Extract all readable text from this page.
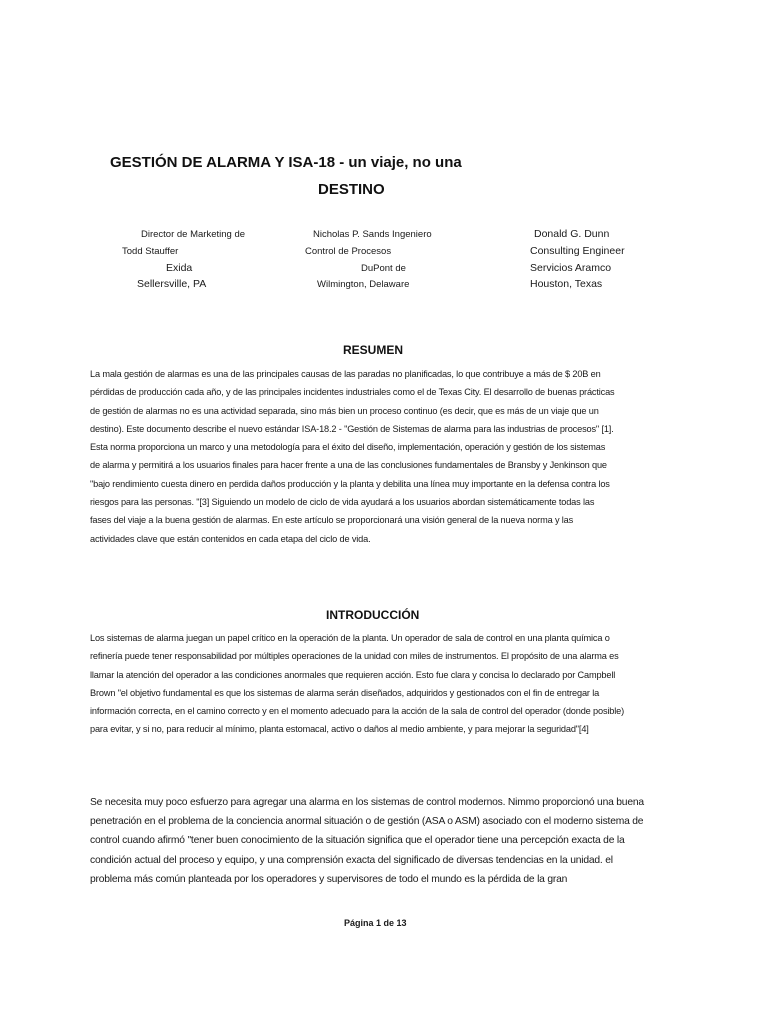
GESTIÓN DE ALARMA Y ISA-18 - un viaje, no una
DESTINO
Director de Marketing de
Todd Stauffer
Exida
Sellersville, PA
Nicholas P. Sands Ingeniero
Control de Procesos
DuPont de
Wilmington, Delaware
Donald G. Dunn
Consulting Engineer
Servicios Aramco
Houston, Texas
RESUMEN
La mala gestión de alarmas es una de las principales causas de las paradas no planificadas, lo que contribuye a más de $ 20B en
pérdidas de producción cada año, y de las principales incidentes industriales como el de Texas City. El desarrollo de buenas prácticas
de gestión de alarmas no es una actividad separada, sino más bien un proceso continuo (es decir, que es más de un viaje que un
destino). Este documento describe el nuevo estándar ISA-18.2 - "Gestión de Sistemas de alarma para las industrias de procesos" [1].
Esta norma proporciona un marco y una metodología para el éxito del diseño, implementación, operación y gestión de los sistemas
de alarma y permitirá a los usuarios finales para hacer frente a una de las conclusiones fundamentales de Bransby y Jenkinson que
"bajo rendimiento cuesta dinero en perdida daños producción y la planta y debilita una línea muy importante en la defensa contra los
riesgos para las personas. "[3] Siguiendo un modelo de ciclo de vida ayudará a los usuarios abordan sistemáticamente todas las
fases del viaje a la buena gestión de alarmas. En este artículo se proporcionará una visión general de la nueva norma y las
actividades clave que están contenidos en cada etapa del ciclo de vida.
INTRODUCCIÓN
Los sistemas de alarma juegan un papel crítico en la operación de la planta. Un operador de sala de control en una planta química o
refinería puede tener responsabilidad por múltiples operaciones de la unidad con miles de instrumentos. El propósito de una alarma es
llamar la atención del operador a las condiciones anormales que requieren acción. Esto fue clara y concisa lo declarado por Campbell
Brown "el objetivo fundamental es que los sistemas de alarma serán diseñados, adquiridos y gestionados con el fin de entregar la
información correcta, en el camino correcto y en el momento adecuado para la acción de la sala de control del operador (donde posible)
para evitar, y si no, para reducir al mínimo, planta estomacal, activo o daños al medio ambiente, y para mejorar la seguridad"[4]
Se necesita muy poco esfuerzo para agregar una alarma en los sistemas de control modernos. Nimmo proporcionó una buena
penetración en el problema de la conciencia anormal situación o de gestión (ASA o ASM) asociado con el moderno sistema de
control cuando afirmó "tener buen conocimiento de la situación significa que el operador tiene una percepción exacta de la
condición actual del proceso y equipo, y una comprensión exacta del significado de diversas tendencias en la unidad. el
problema más común planteada por los operadores y supervisores de todo el mundo es la pérdida de la gran
Página 1 de 13
